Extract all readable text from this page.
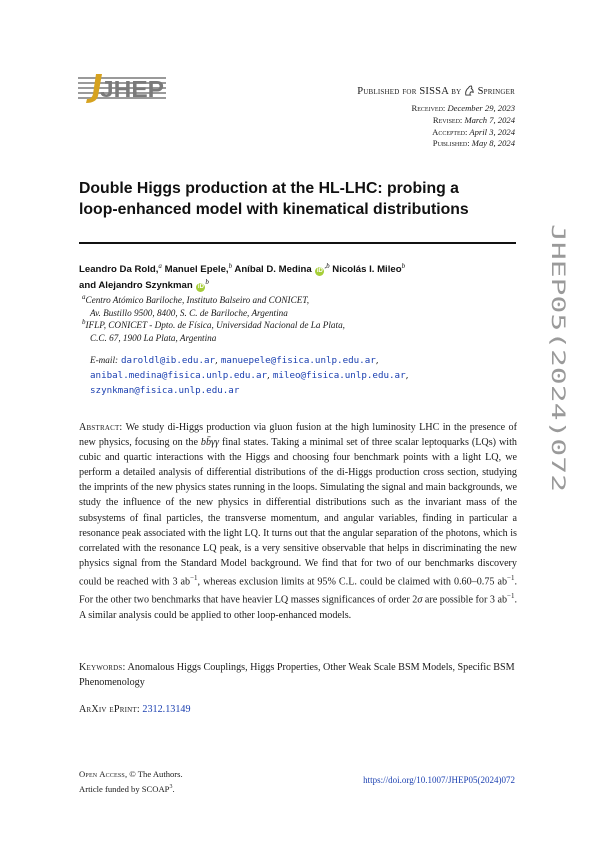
JHEP	Published for SISSA by Springer
Received: December 29, 2023
Revised: March 7, 2024
Accepted: April 3, 2024
Published: May 8, 2024
Double Higgs production at the HL-LHC: probing a
loop-enhanced model with kinematical distributions
Leandro Da Rold,$^a$ Manuel Epele,$^b$ Aníbal D. Medina $iD^{,b}$ Nicolás I. Mileo$^b$
and Alejandro Szynkman $iD^b$
$^a$Centro Atómico Bariloche, Instituto Balseiro and CONICET,
Av. Bustillo 9500, 8400, S. C. de Bariloche, Argentina
$^b$IFLP, CONICET - Dpto. de Física, Universidad Nacional de La Plata,
C.C. 67, 1900 La Plata, Argentina
E-mail: daroldl@ib.edu.ar, manuepele@fisica.unlp.edu.ar,
anibal.medina@fisica.unlp.edu.ar, mileo@fisica.unlp.edu.ar,
szynkman@fisica.unlp.edu.ar
Abstract: We study di-Higgs production via gluon fusion at the high luminosity LHC in the presence of new physics, focusing on the bb̄γγ final states. Taking a minimal set of three scalar leptoquarks (LQs) with cubic and quartic interactions with the Higgs and choosing four benchmark points with a light LQ, we perform a detailed analysis of differential distributions of the di-Higgs production cross section, studying the imprints of the new physics states running in the loops. Simulating the signal and main backgrounds, we study the influence of the new physics in differential distributions such as the invariant mass of the subsystems of final particles, the transverse momentum, and angular variables, finding in particular a resonance peak associated with the light LQ. It turns out that the angular separation of the photons, which is correlated with the resonance LQ peak, is a very sensitive observable that helps in discriminating the new physics signal from the Standard Model background. We find that for two of our benchmarks discovery could be reached with 3 $ab^{-1}$, whereas exclusion limits at 95% C.L. could be claimed with 0.60–0.75 $ab^{-1}$. For the other two benchmarks that have heavier LQ masses significances of order 2σ are possible for 3 $ab^{-1}$. A similar analysis could be applied to other loop-enhanced models.
Keywords: Anomalous Higgs Couplings, Higgs Properties, Other Weak Scale BSM Models, Specific BSM Phenomenology
ArXiv ePrint: 2312.13149
Open Access, © The Authors.
Article funded by SCOAP$^3$.
https://doi.org/10.1007/JHEP05(2024)072
JHEP05(2024)072
